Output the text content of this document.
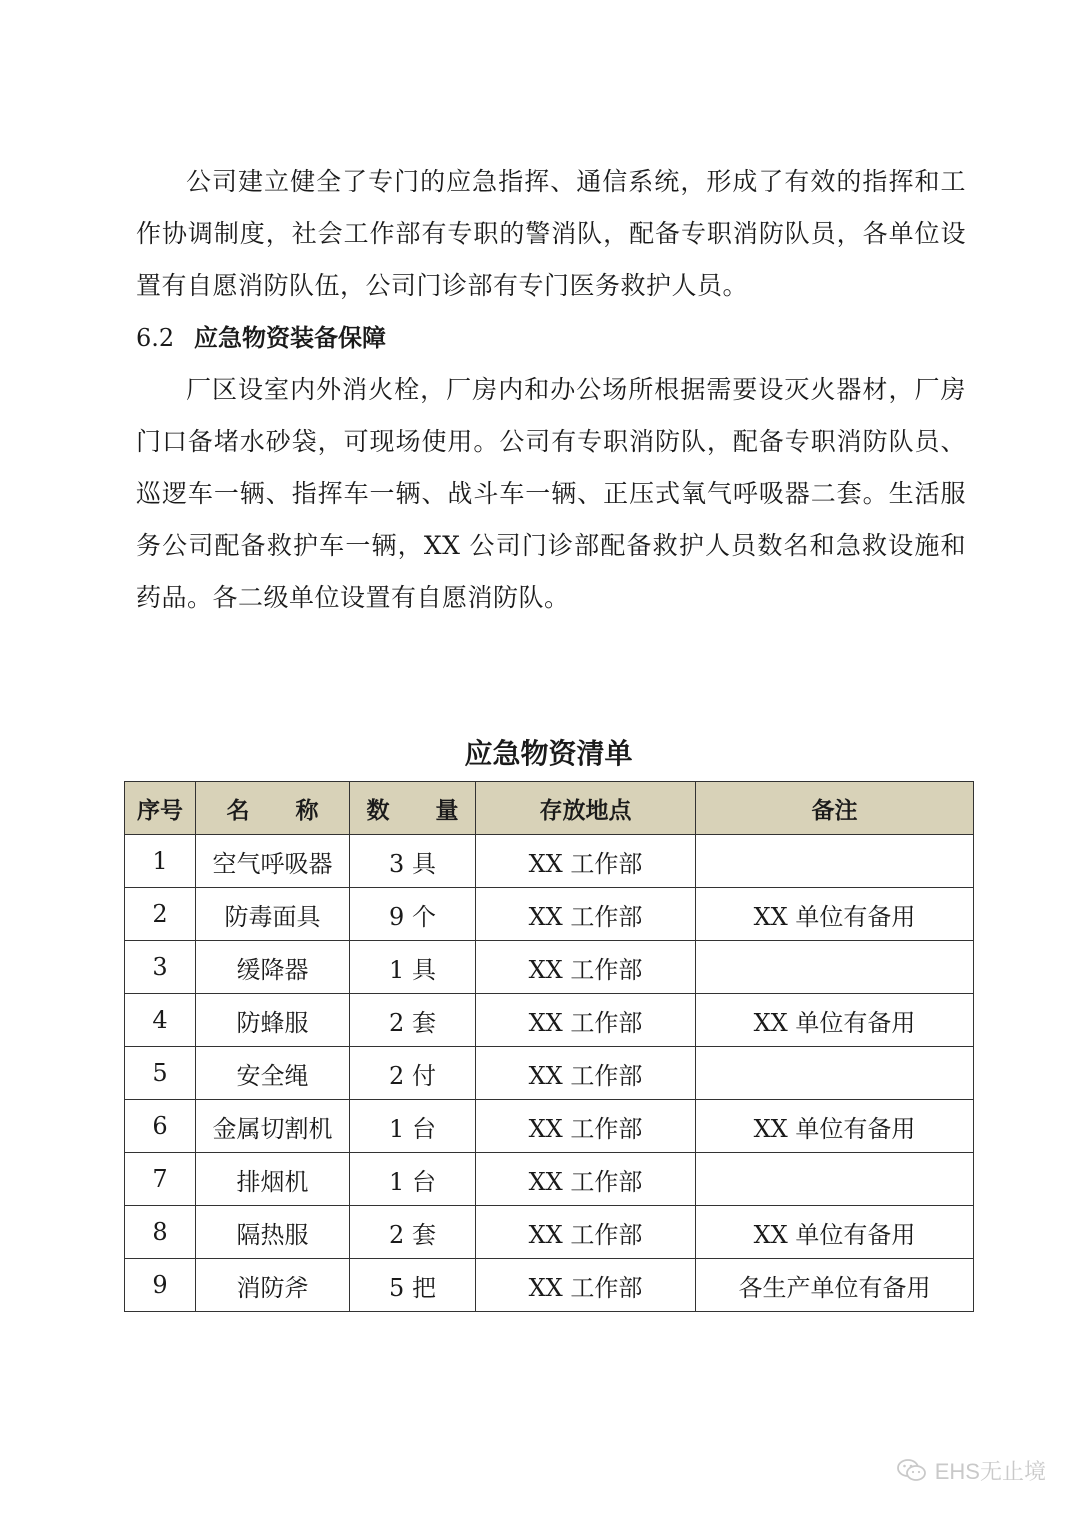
公司建立健全了专门的应急指挥、通信系统，形成了有效的指挥和工作协调制度，社会工作部有专职的警消队，配备专职消防队员，各单位设置有自愿消防队伍，公司门诊部有专门医务救护人员。

6.2 应急物资装备保障

厂区设室内外消火栓，厂房内和办公场所根据需要设灭火器材，厂房门口备堵水砂袋，可现场使用。公司有专职消防队，配备专职消防队员、巡逻车一辆、指挥车一辆、战斗车一辆、正压式氧气呼吸器二套。生活服务公司配备救护车一辆，XX 公司门诊部配备救护人员数名和急救设施和药品。各二级单位设置有自愿消防队。

应急物资清单
序号	名　　称	数　　量	存放地点	备注
1	空气呼吸器	3 具	XX 工作部	
2	防毒面具	9 个	XX 工作部	XX 单位有备用
3	缓降器	1 具	XX 工作部	
4	防蜂服	2 套	XX 工作部	XX 单位有备用
5	安全绳	2 付	XX 工作部	
6	金属切割机	1 台	XX 工作部	XX 单位有备用
7	排烟机	1 台	XX 工作部	
8	隔热服	2 套	XX 工作部	XX 单位有备用
9	消防斧	5 把	XX 工作部	各生产单位有备用
EHS无止境
